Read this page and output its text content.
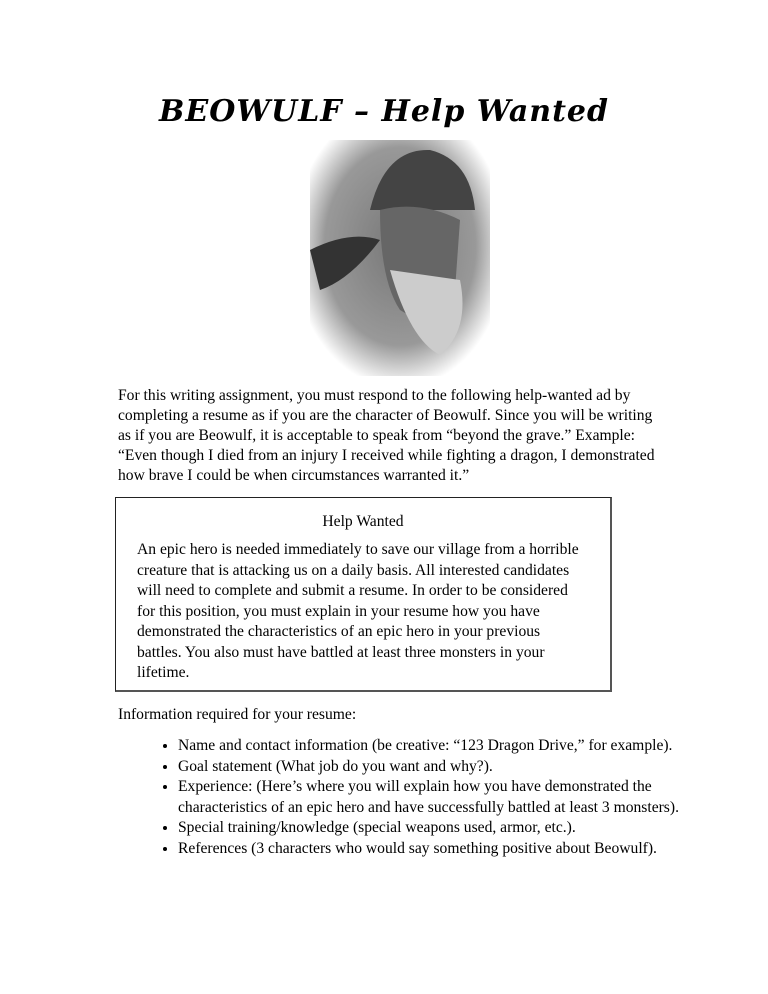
BEOWULF – Help Wanted
For this writing assignment, you must respond to the following help-wanted ad by completing a resume as if you are the character of Beowulf. Since you will be writing as if you are Beowulf, it is acceptable to speak from “beyond the grave.” Example: “Even though I died from an injury I received while fighting a dragon, I demonstrated how brave I could be when circumstances warranted it.”
Help Wanted
An epic hero is needed immediately to save our village from a horrible creature that is attacking us on a daily basis. All interested candidates will need to complete and submit a resume. In order to be considered for this position, you must explain in your resume how you have demonstrated the characteristics of an epic hero in your previous battles. You also must have battled at least three monsters in your lifetime.
Information required for your resume:
• Name and contact information (be creative: “123 Dragon Drive,” for example).
• Goal statement (What job do you want and why?).
• Experience: (Here’s where you will explain how you have demonstrated the characteristics of an epic hero and have successfully battled at least 3 monsters).
• Special training/knowledge (special weapons used, armor, etc.).
• References (3 characters who would say something positive about Beowulf).
